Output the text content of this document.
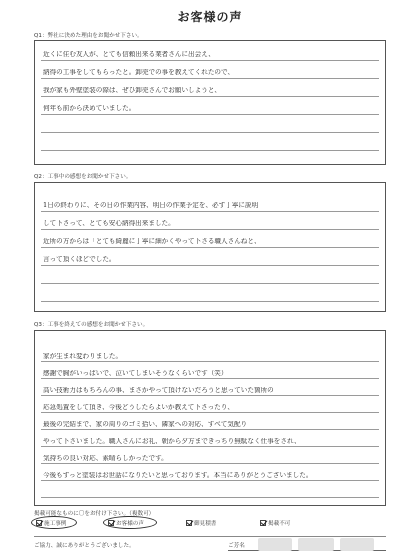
お客様の声
Q1：弊社に決めた理由をお聞かせ下さい。
近くに住む友人が、とても信頼出来る業者さんに出会え、
納得の工事をしてもらったと。卸売での事を教えてくれたので、
我が家も外壁塗装の際は、ぜひ卸売さんでお願いしようと、
何年も前から決めていました。
Q2：工事中の感想をお聞かせ下さい。
1日の終わりに、その日の作業内容、明日の作業予定を、必ず丁寧に説明
して下さって、とても安心納得出来ました。
近所の方からは「とても綺麗に丁寧に細かくやって下さる職人さんねと、
言って頂くほどでした。
Q3：工事を終えての感想をお聞かせ下さい。
家が生まれ変わりました。
感謝で胸がいっぱいで、泣いてしまいそうなくらいです（笑）
高い技術力はもちろんの事、まさかやって頂けないだろうと思っていた箇所の
応急処置をして頂き、今後どうしたらよいか教えて下さったり、
最後の完結まで、家の周りのゴミ拾い、隣家への対応、すべて気配り
やって下さいました。職人さんにお礼、朝から夕方まできっちり無駄なく仕事をされ、
気持ちの良い対応、素晴らしかったです。
今後もずっと塗装はお世話になりたいと思っております。本当にありがとうございました。
掲載可能なものに〇をお付け下さい。（複数可）
施工事例	お客様の声	御見積書	掲載不可
ご協力、誠にありがとうございました。	ご芳名
